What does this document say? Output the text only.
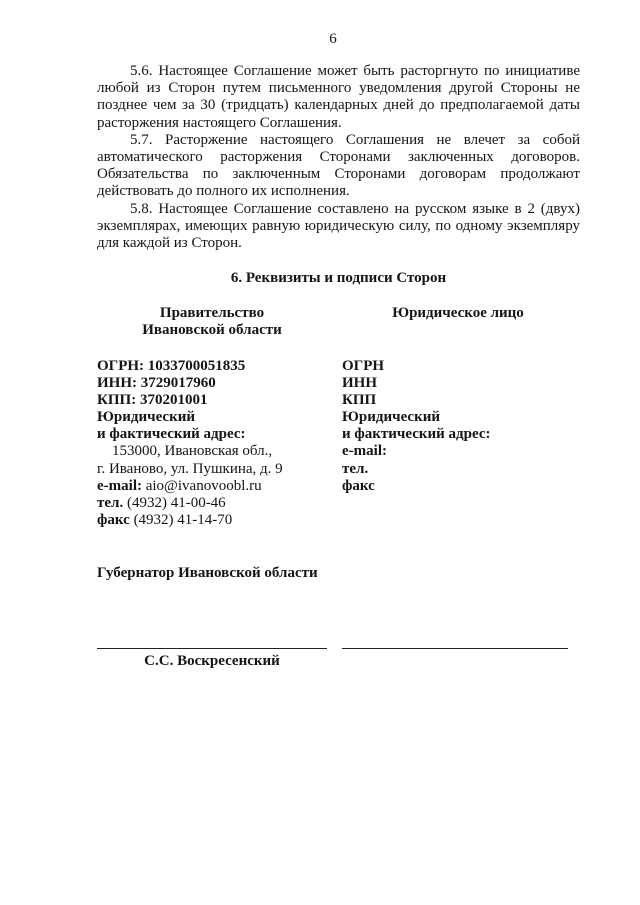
6
5.6. Настоящее Соглашение может быть расторгнуто по инициативе
любой из Сторон путем письменного уведомления другой Стороны не
позднее чем за 30 (тридцать) календарных дней до предполагаемой даты
расторжения настоящего Соглашения.
5.7. Расторжение настоящего Соглашения не влечет за собой
автоматического расторжения Сторонами заключенных договоров.
Обязательства по заключенным Сторонами договорам продолжают
действовать до полного их исполнения.
5.8. Настоящее Соглашение составлено на русском языке в 2 (двух)
экземплярах, имеющих равную юридическую силу, по одному экземпляру
для каждой из Сторон.
6. Реквизиты и подписи Сторон
Правительство
Ивановской области
Юридическое лицо
ОГРН: 1033700051835
ИНН: 3729017960
КПП: 370201001
Юридический
и фактический адрес:
153000, Ивановская обл.,
г. Иваново, ул. Пушкина, д. 9
e-mail: aio@ivanovoobl.ru
тел. (4932) 41-00-46
факс (4932) 41-14-70
ОГРН
ИНН
КПП
Юридический
и фактический адрес:
e-mail:
тел.
факс
Губернатор Ивановской области
С.С. Воскресенский
